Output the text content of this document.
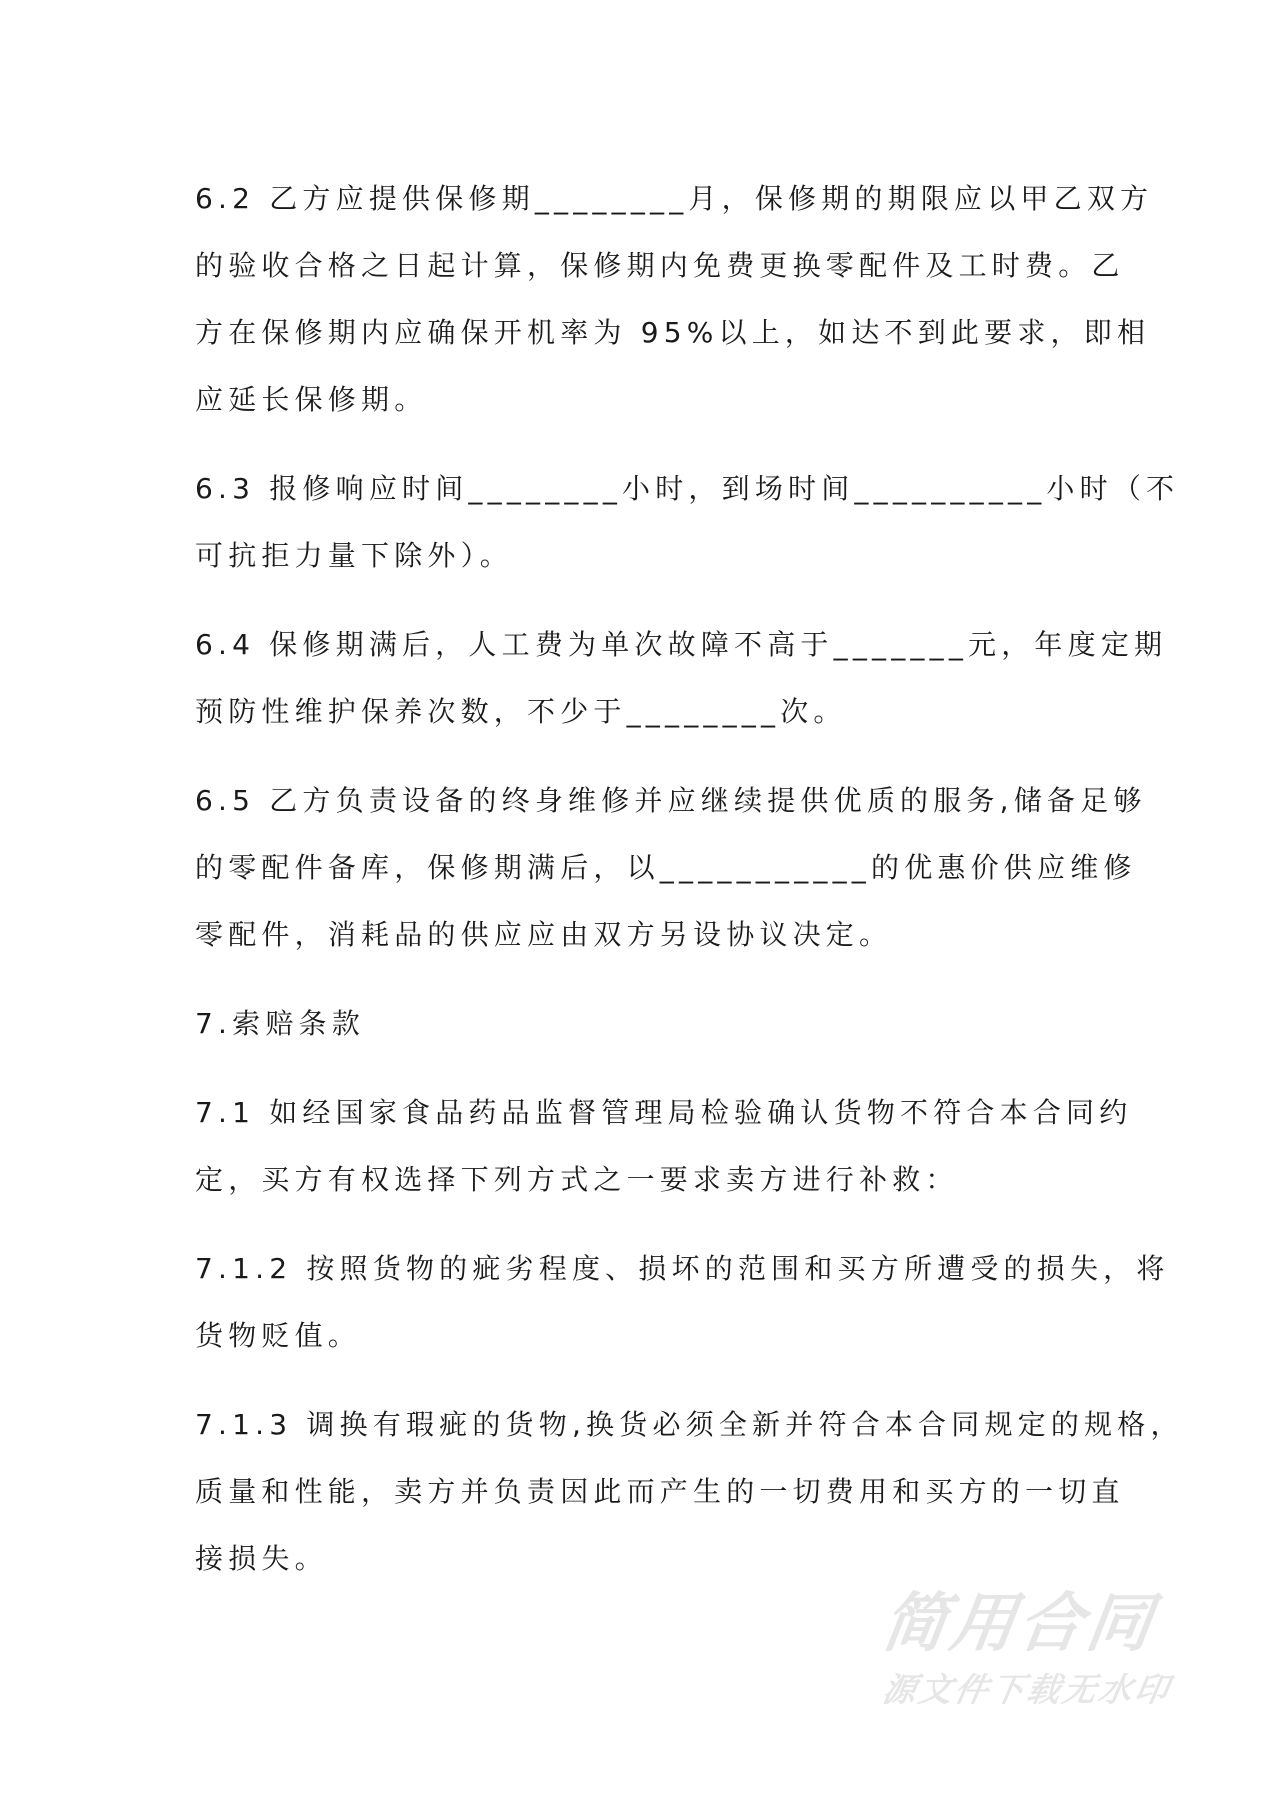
6.2 乙方应提供保修期________月，保修期的期限应以甲乙双方
的验收合格之日起计算，保修期内免费更换零配件及工时费。乙
方在保修期内应确保开机率为 95%以上，如达不到此要求，即相
应延长保修期。

6.3 报修响应时间________小时，到场时间__________小时（不
可抗拒力量下除外）。

6.4 保修期满后，人工费为单次故障不高于_______元，年度定期
预防性维护保养次数，不少于________次。

6.5 乙方负责设备的终身维修并应继续提供优质的服务,储备足够
的零配件备库，保修期满后，以___________的优惠价供应维修
零配件，消耗品的供应应由双方另设协议决定。

7.索赔条款

7.1 如经国家食品药品监督管理局检验确认货物不符合本合同约
定，买方有权选择下列方式之一要求卖方进行补救：

7.1.2 按照货物的疵劣程度、损坏的范围和买方所遭受的损失，将
货物贬值。

7.1.3 调换有瑕疵的货物,换货必须全新并符合本合同规定的规格，
质量和性能，卖方并负责因此而产生的一切费用和买方的一切直
接损失。

简用合同
源文件下载无水印
